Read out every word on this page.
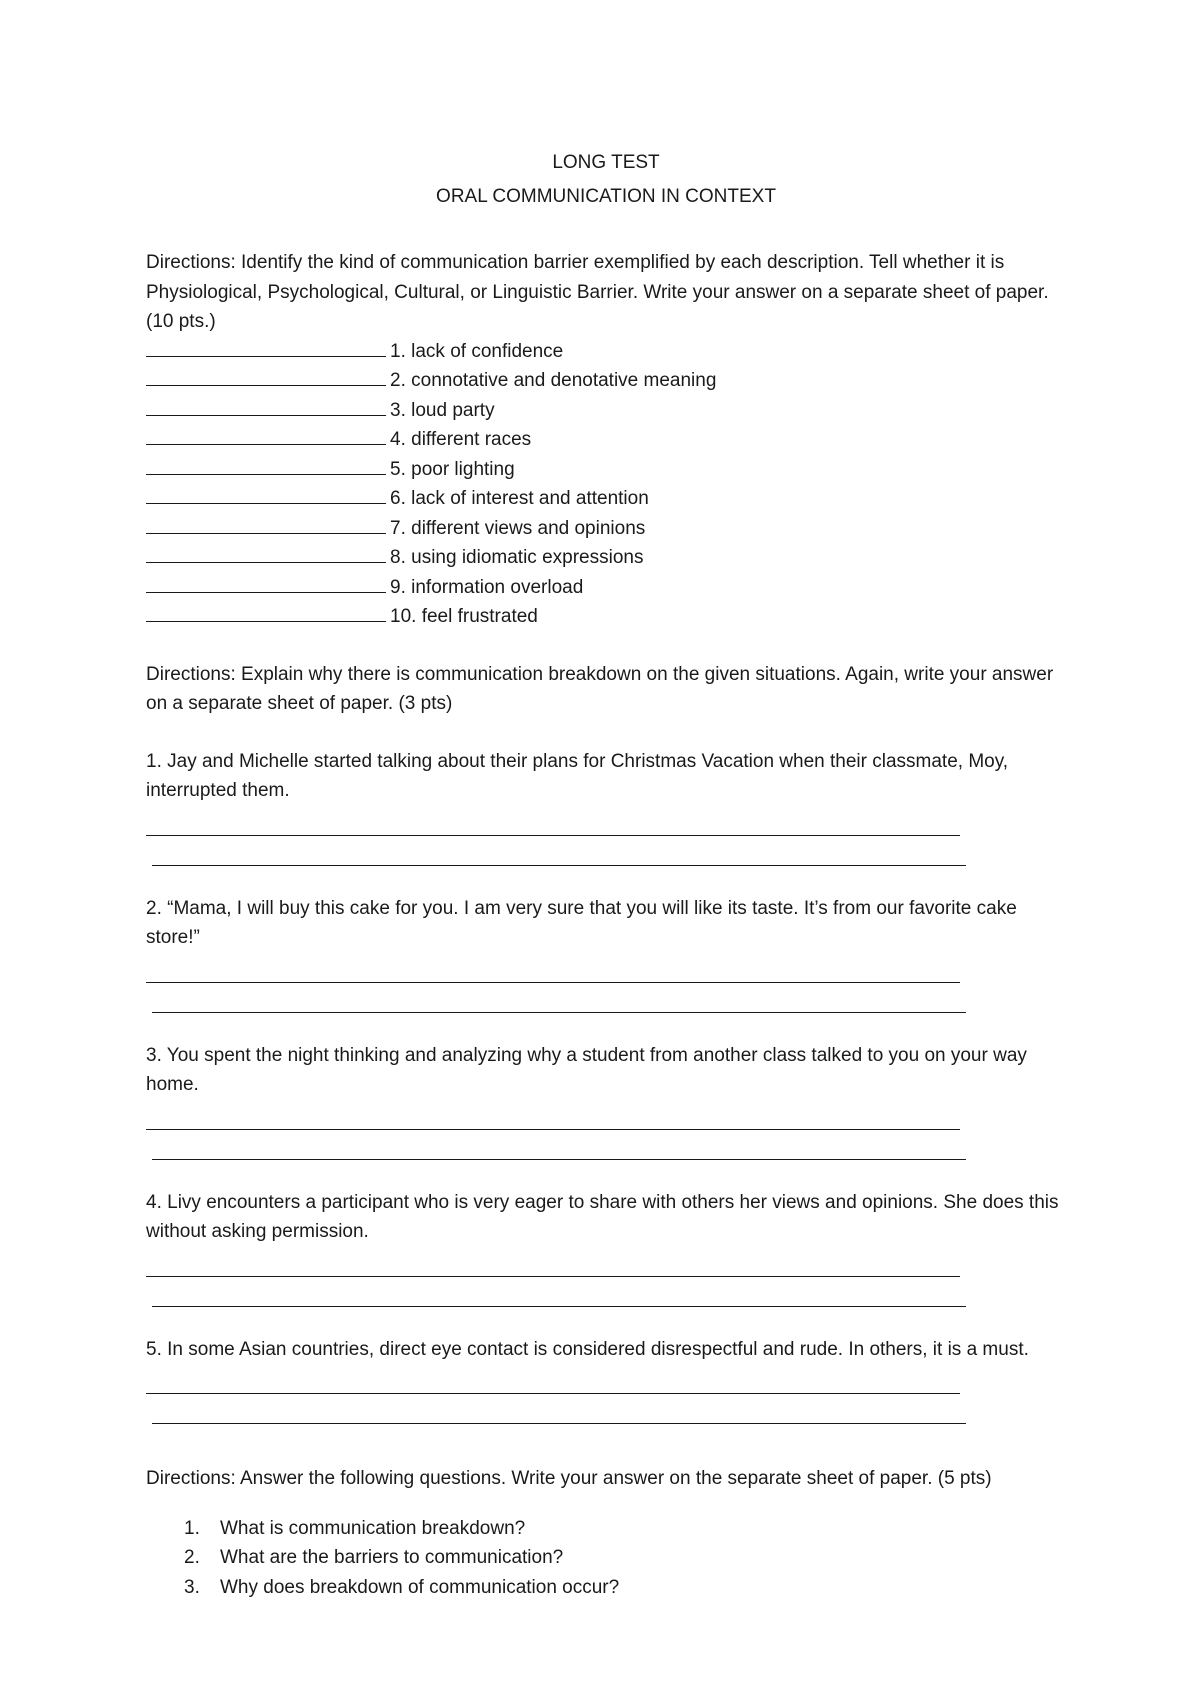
LONG TEST
ORAL COMMUNICATION IN CONTEXT

Directions: Identify the kind of communication barrier exemplified by each description. Tell whether it is Physiological, Psychological, Cultural, or Linguistic Barrier. Write your answer on a separate sheet of paper. (10 pts.)

1. lack of confidence
2. connotative and denotative meaning
3. loud party
4. different races
5. poor lighting
6. lack of interest and attention
7. different views and opinions
8. using idiomatic expressions
9. information overload
10. feel frustrated

Directions: Explain why there is communication breakdown on the given situations. Again, write your answer on a separate sheet of paper. (3 pts)

1. Jay and Michelle started talking about their plans for Christmas Vacation when their classmate, Moy, interrupted them.
2. “Mama, I will buy this cake for you. I am very sure that you will like its taste. It’s from our favorite cake store!”
3. You spent the night thinking and analyzing why a student from another class talked to you on your way home.
4. Livy encounters a participant who is very eager to share with others her views and opinions. She does this without asking permission.
5. In some Asian countries, direct eye contact is considered disrespectful and rude. In others, it is a must.

Directions: Answer the following questions. Write your answer on the separate sheet of paper. (5 pts)

1.	What is communication breakdown?
2.	What are the barriers to communication?
3.	Why does breakdown of communication occur?
